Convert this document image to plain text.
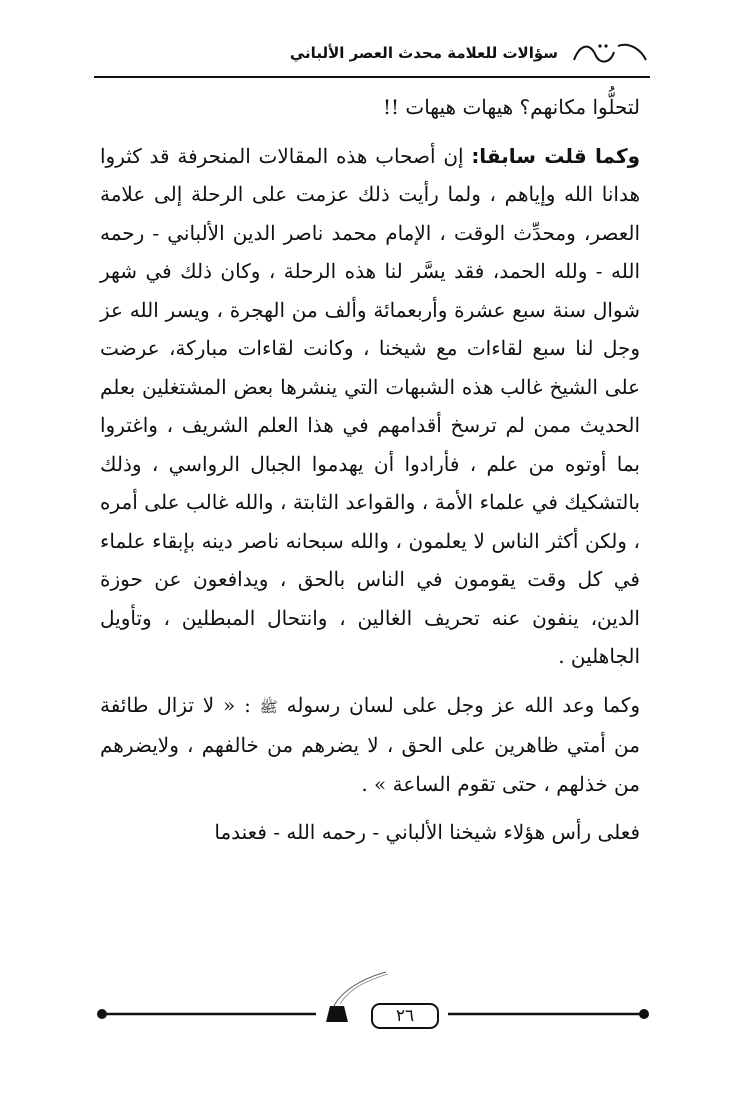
سؤالات للعلامة محدث العصر الألباني

لتحلُّوا مكانهم؟ هيهات هيهات !!

وكما قلت سابقا: إن أصحاب هذه المقالات المنحرفة قد كثروا هدانا الله وإياهم ، ولما رأيت ذلك عزمت على الرحلة إلى علامة العصر، ومحدِّث الوقت ، الإمام محمد ناصر الدين الألباني - رحمه الله - ولله الحمد، فقد يسَّر لنا هذه الرحلة ، وكان ذلك في شهر شوال سنة سبع عشرة وأربعمائة وألف من الهجرة ، ويسر الله عز وجل لنا سبع لقاءات مع شيخنا ، وكانت لقاءات مباركة، عرضت على الشيخ غالب هذه الشبهات التي ينشرها بعض المشتغلين بعلم الحديث ممن لم ترسخ أقدامهم في هذا العلم الشريف ، واغتروا بما أوتوه من علم ، فأرادوا أن يهدموا الجبال الرواسي ، وذلك بالتشكيك في علماء الأمة ، والقواعد الثابتة ، والله غالب على أمره ، ولكن أكثر الناس لا يعلمون ، والله سبحانه ناصر دينه بإبقاء علماء في كل وقت يقومون في الناس بالحق ، ويدافعون عن حوزة الدين، ينفون عنه تحريف الغالين ، وانتحال المبطلين ، وتأويل الجاهلين .

وكما وعد الله عز وجل على لسان رسوله ﷺ : « لا تزال طائفة من أمتي ظاهرين على الحق ، لا يضرهم من خالفهم ، ولايضرهم من خذلهم ، حتى تقوم الساعة » .

فعلى رأس هؤلاء شيخنا الألباني - رحمه الله - فعندما

٢٦
